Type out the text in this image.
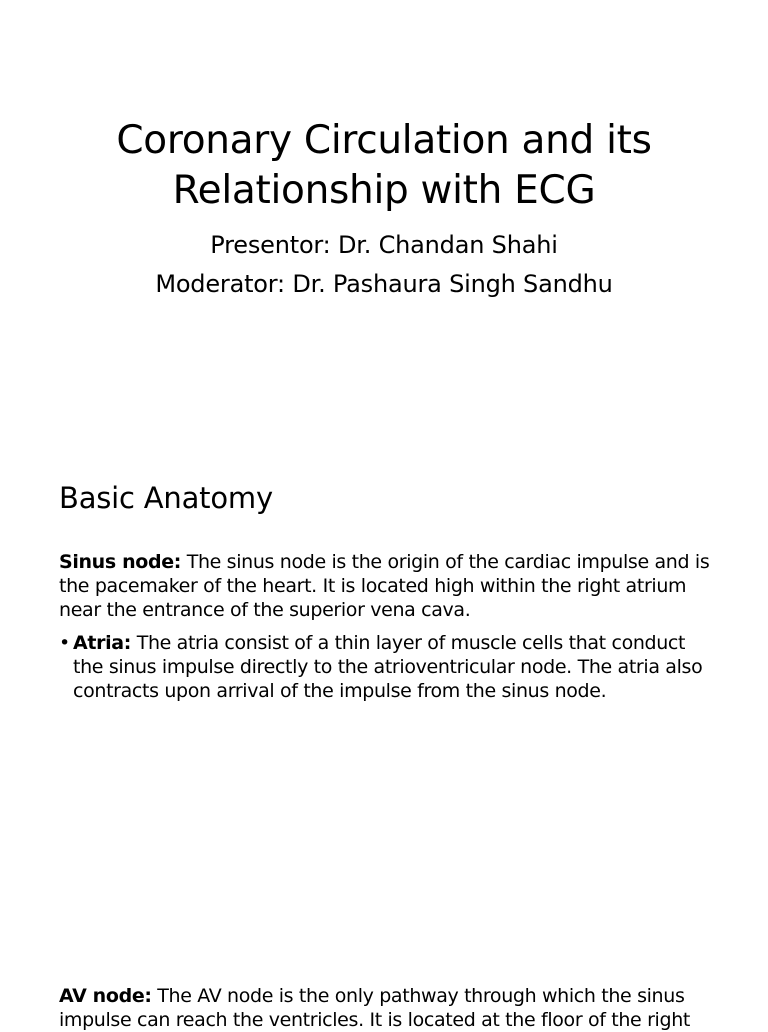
Coronary Circulation and its Relationship with ECG

Presentor: Dr. Chandan Shahi

Moderator: Dr. Pashaura Singh Sandhu

Basic Anatomy

Sinus node: The sinus node is the origin of the cardiac impulse and is the pacemaker of the heart. It is located high within the right atrium near the entrance of the superior vena cava.

• Atria: The atria consist of a thin layer of muscle cells that conduct the sinus impulse directly to the atrioventricular node. The atria also contracts upon arrival of the impulse from the sinus node.

AV node: The AV node is the only pathway through which the sinus impulse can reach the ventricles. It is located at the floor of the right
